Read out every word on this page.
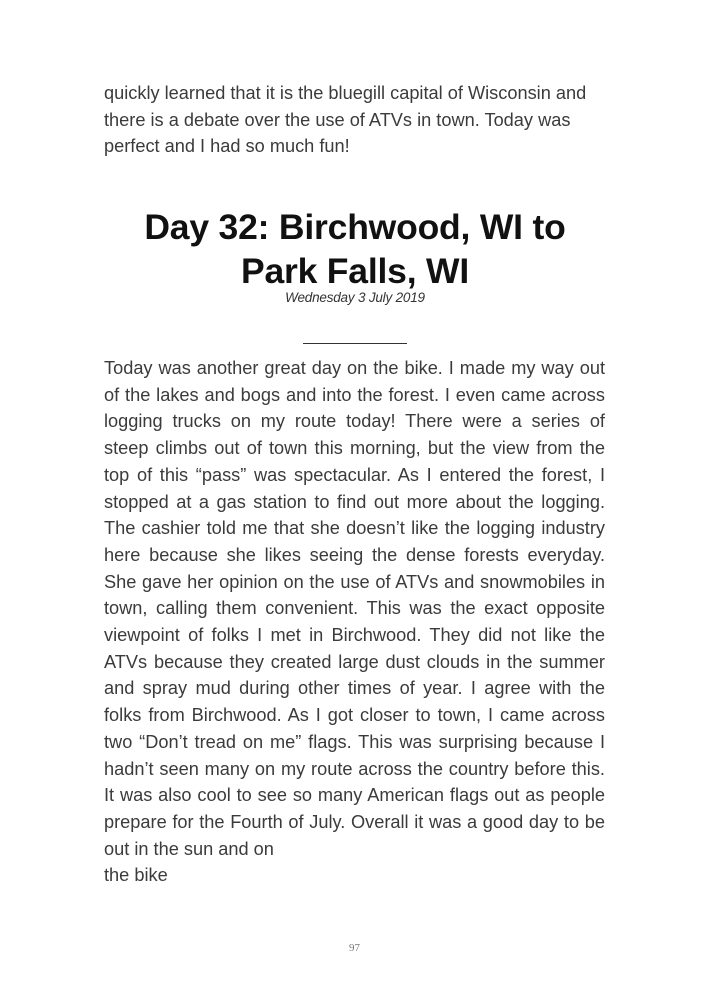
quickly learned that it is the bluegill capital of Wisconsin and there is a debate over the use of ATVs in town. Today was perfect and I had so much fun!

Day 32: Birchwood, WI to
Park Falls, WI

Wednesday 3 July 2019

Today was another great day on the bike. I made my way out of the lakes and bogs and into the forest. I even came across logging trucks on my route today! There were a series of steep climbs out of town this morning, but the view from the top of this “pass” was spectacular. As I entered the forest, I stopped at a gas station to find out more about the logging. The cashier told me that she doesn’t like the logging industry here because she likes seeing the dense forests everyday. She gave her opinion on the use of ATVs and snowmobiles in town, calling them convenient. This was the exact opposite viewpoint of folks I met in Birchwood. They did not like the ATVs because they created large dust clouds in the summer and spray mud during other times of year. I agree with the folks from Birchwood. As I got closer to town, I came across two “Don’t tread on me” flags. This was surprising because I hadn’t seen many on my route across the country before this. It was also cool to see so many American flags out as people prepare for the Fourth of July. Overall it was a good day to be out in the sun and on
the bike

97
